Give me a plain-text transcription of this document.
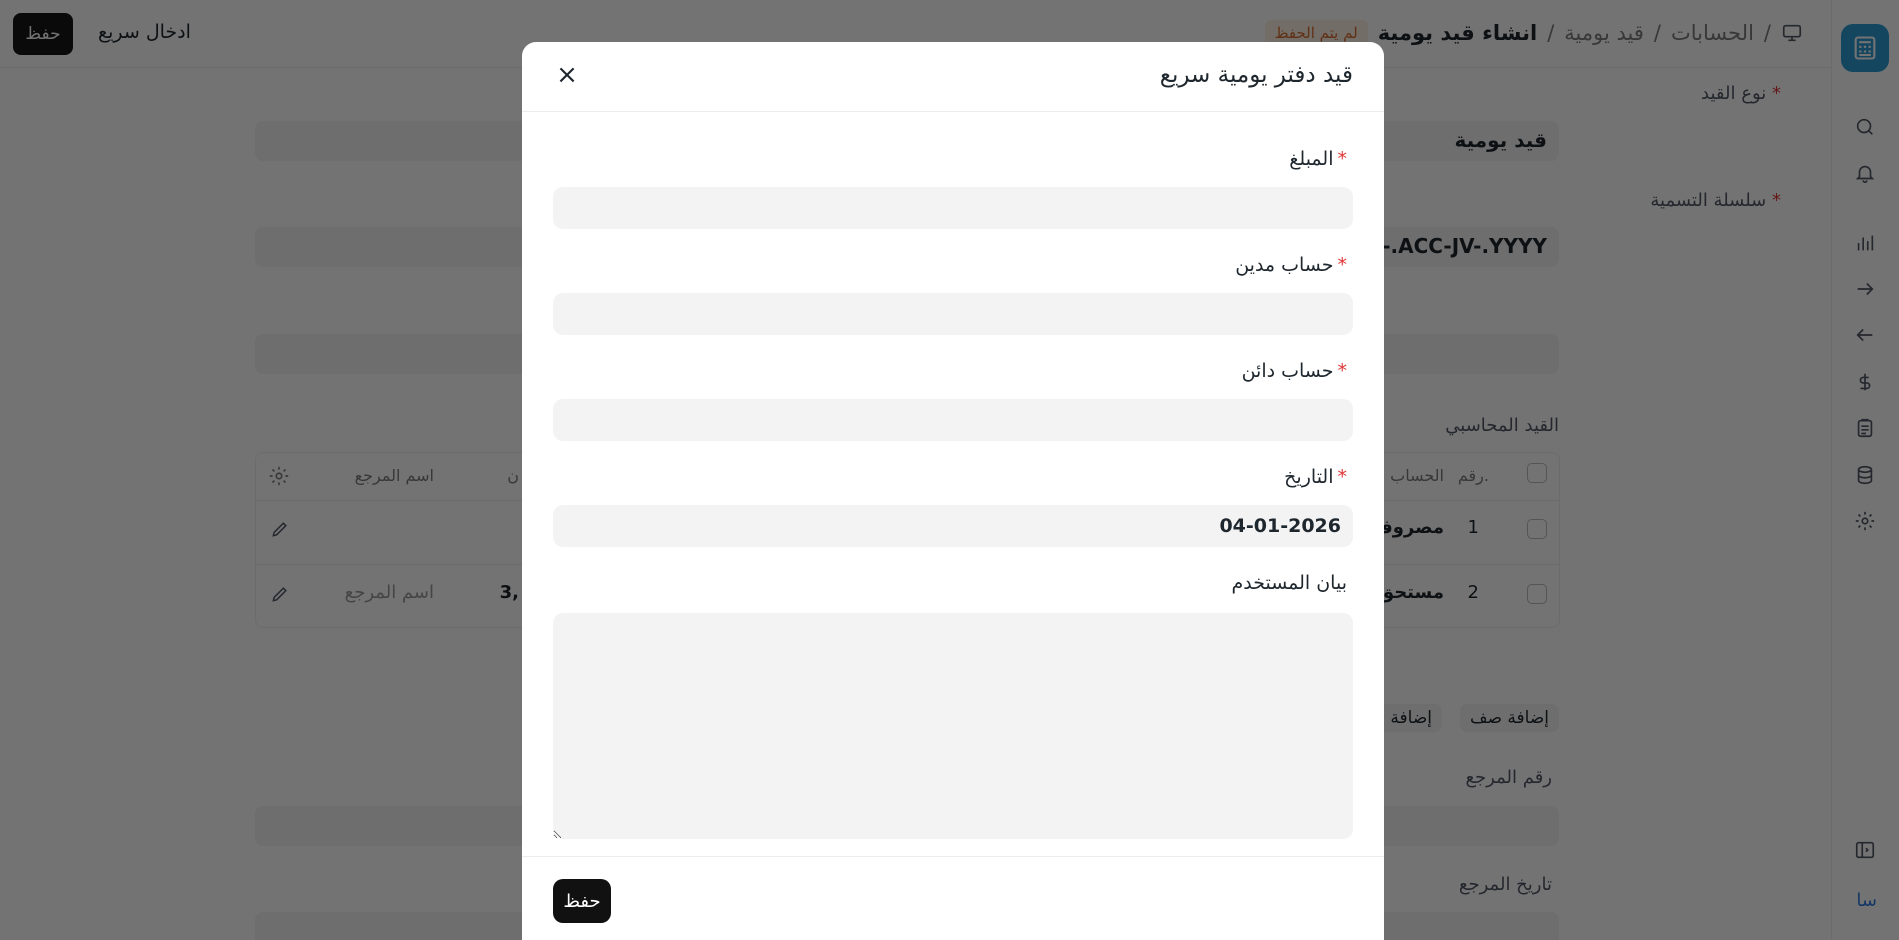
قيد دفتر يومية سريع
×
المبلغ *
حساب مدين *
حساب دائن *
التاريخ *
04-01-2026
بيان المستخدم
حفظ
